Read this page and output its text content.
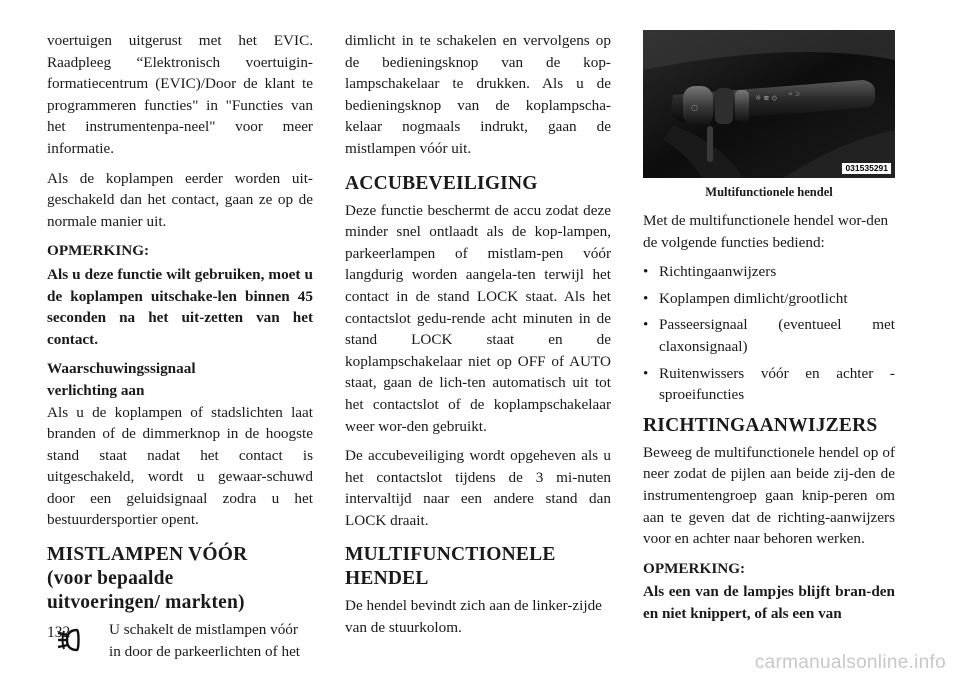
voertuigen uitgerust met het EVIC. Raadpleeg “Elektronisch voertuigin-formatiecentrum (EVIC)/Door de klant te programmeren functies" in "Functies van het instrumentenpa-neel" voor meer informatie.

Als de koplampen eerder worden uit-geschakeld dan het contact, gaan ze op de normale manier uit.

OPMERKING:

Als u deze functie wilt gebruiken, moet u de koplampen uitschake-len binnen 45 seconden na het uit-zetten van het contact.

Waarschuwingssignaal
verlichting aan

Als u de koplampen of stadslichten laat branden of de dimmerknop in de hoogste stand staat nadat het contact is uitgeschakeld, wordt u gewaar-schuwd door een geluidsignaal zodra u het bestuurdersportier opent.

MISTLAMPEN VÓÓR (voor bepaalde uitvoeringen/ markten)

U schakelt de mistlampen vóór in door de parkeerlichten of het

dimlicht in te schakelen en vervolgens op de bedieningsknop van de kop-lampschakelaar te drukken. Als u de bedieningsknop van de koplampscha-kelaar nogmaals indrukt, gaan de mistlampen vóór uit.

ACCUBEVEILIGING

Deze functie beschermt de accu zodat deze minder snel ontlaadt als de kop-lampen, parkeerlampen of mistlam-pen vóór langdurig worden aangela-ten terwijl het contact in de stand LOCK staat. Als het contactslot gedu-rende acht minuten in de stand LOCK staat en de koplampschakelaar niet op OFF of AUTO staat, gaan de lich-ten automatisch uit tot het contactslot of de koplampschakelaar weer wor-den gebruikt.

De accubeveiliging wordt opgeheven als u het contactslot tijdens de 3 mi-nuten intervaltijd naar een andere stand dan LOCK draait.

MULTIFUNCTIONELE HENDEL

De hendel bevindt zich aan de linker-zijde van de stuurkolom.

◌
☼ ≡ ◇ ⚬ ⊃
031535291
Multifunctionele hendel

Met de multifunctionele hendel wor-den de volgende functies bediend:

• Richtingaanwijzers
• Koplampen dimlicht/grootlicht
• Passeersignaal (eventueel met claxonsignaal)
• Ruitenwissers vóór en achter - sproeifuncties
RICHTINGAANWIJZERS

Beweeg de multifunctionele hendel op of neer zodat de pijlen aan beide zij-den de instrumentengroep gaan knip-peren om aan te geven dat de richting-aanwijzers voor en achter naar behoren werken.

OPMERKING:

Als een van de lampjes blijft bran-den en niet knippert, of als een van

132
carmanualsonline.info
